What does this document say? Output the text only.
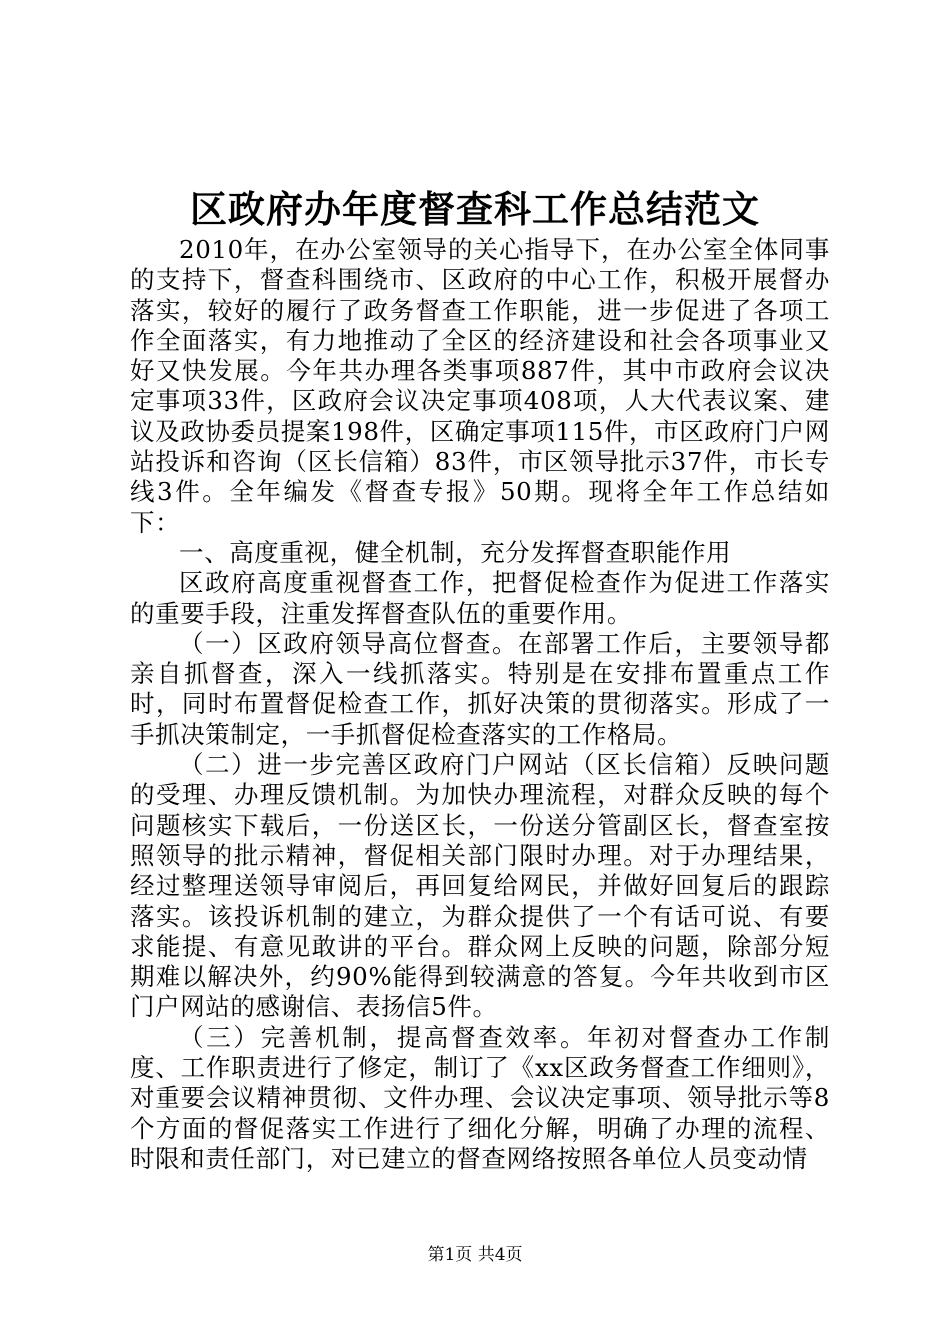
区政府办年度督查科工作总结范文

2010年，在办公室领导的关心指导下，在办公室全体同事的支持下，督查科围绕市、区政府的中心工作，积极开展督办落实，较好的履行了政务督查工作职能，进一步促进了各项工作全面落实，有力地推动了全区的经济建设和社会各项事业又好又快发展。今年共办理各类事项887件，其中市政府会议决定事项33件，区政府会议决定事项408项，人大代表议案、建议及政协委员提案198件，区确定事项115件，市区政府门户网站投诉和咨询（区长信箱）83件，市区领导批示37件，市长专线3件。全年编发《督查专报》50期。现将全年工作总结如下：

一、高度重视，健全机制，充分发挥督查职能作用

区政府高度重视督查工作，把督促检查作为促进工作落实的重要手段，注重发挥督查队伍的重要作用。

（一）区政府领导高位督查。在部署工作后，主要领导都亲自抓督查，深入一线抓落实。特别是在安排布置重点工作时，同时布置督促检查工作，抓好决策的贯彻落实。形成了一手抓决策制定，一手抓督促检查落实的工作格局。

（二）进一步完善区政府门户网站（区长信箱）反映问题的受理、办理反馈机制。为加快办理流程，对群众反映的每个问题核实下载后，一份送区长，一份送分管副区长，督查室按照领导的批示精神，督促相关部门限时办理。对于办理结果，经过整理送领导审阅后，再回复给网民，并做好回复后的跟踪落实。该投诉机制的建立，为群众提供了一个有话可说、有要求能提、有意见敢讲的平台。群众网上反映的问题，除部分短期难以解决外，约90%能得到较满意的答复。今年共收到市区门户网站的感谢信、表扬信5件。

（三）完善机制，提高督查效率。年初对督查办工作制度、工作职责进行了修定，制订了《xx区政务督查工作细则》，对重要会议精神贯彻、文件办理、会议决定事项、领导批示等8个方面的督促落实工作进行了细化分解，明确了办理的流程、时限和责任部门，对已建立的督查网络按照各单位人员变动情

第1页 共4页
